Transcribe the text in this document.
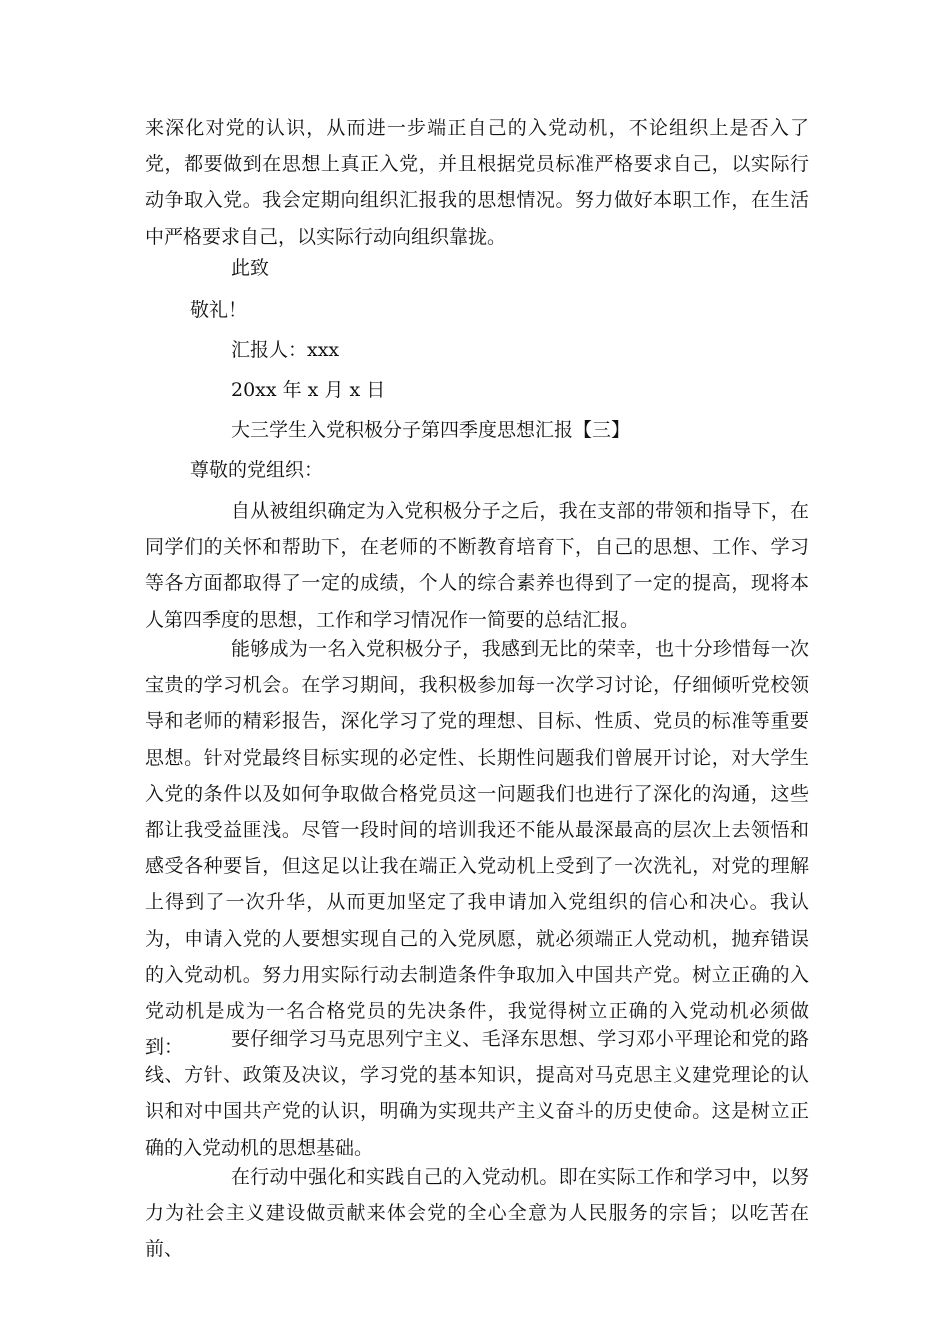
来深化对党的认识，从而进一步端正自己的入党动机，不论组织上是否入了党，都要做到在思想上真正入党，并且根据党员标准严格要求自己，以实际行动争取入党。我会定期向组织汇报我的思想情况。努力做好本职工作，在生活中严格要求自己，以实际行动向组织靠拢。
此致
敬礼！
汇报人：xxx
20xx 年 x 月 x 日
大三学生入党积极分子第四季度思想汇报【三】
尊敬的党组织：
自从被组织确定为入党积极分子之后，我在支部的带领和指导下，在同学们的关怀和帮助下，在老师的不断教育培育下，自己的思想、工作、学习等各方面都取得了一定的成绩，个人的综合素养也得到了一定的提高，现将本人第四季度的思想，工作和学习情况作一简要的总结汇报。
能够成为一名入党积极分子，我感到无比的荣幸，也十分珍惜每一次宝贵的学习机会。在学习期间，我积极参加每一次学习讨论，仔细倾听党校领导和老师的精彩报告，深化学习了党的理想、目标、性质、党员的标准等重要思想。针对党最终目标实现的必定性、长期性问题我们曾展开讨论，对大学生入党的条件以及如何争取做合格党员这一问题我们也进行了深化的沟通，这些都让我受益匪浅。尽管一段时间的培训我还不能从最深最高的层次上去领悟和感受各种要旨，但这足以让我在端正入党动机上受到了一次洗礼，对党的理解上得到了一次升华，从而更加坚定了我申请加入党组织的信心和决心。我认为，申请入党的人要想实现自己的入党夙愿，就必须端正人党动机，抛弃错误的入党动机。努力用实际行动去制造条件争取加入中国共产党。树立正确的入党动机是成为一名合格党员的先决条件，我觉得树立正确的入党动机必须做到：	要仔细学习马克思列宁主义、毛泽东思想、学习邓小平理论和党的路线、方针、政策及决议，学习党的基本知识，提高对马克思主义建党理论的认识和对中国共产党的认识，明确为实现共产主义奋斗的历史使命。这是树立正确的入党动机的思想基础。
在行动中强化和实践自己的入党动机。即在实际工作和学习中，以努力为社会主义建设做贡献来体会党的全心全意为人民服务的宗旨；以吃苦在前、
